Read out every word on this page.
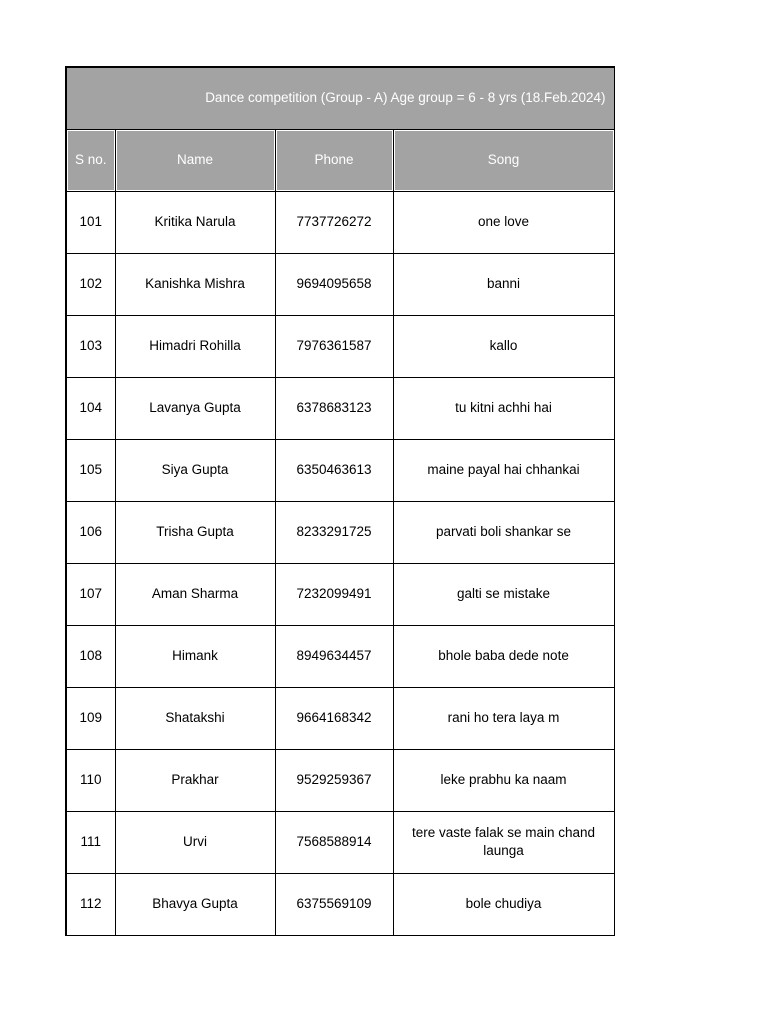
Dance competition (Group - A) Age group = 6 - 8 yrs (18.Feb.2024)			
S no.	Name	Phone	Song
101	Kritika Narula	7737726272	one love
102	Kanishka Mishra	9694095658	banni
103	Himadri Rohilla	7976361587	kallo
104	Lavanya Gupta	6378683123	tu kitni achhi hai
105	Siya Gupta	6350463613	maine payal hai chhankai
106	Trisha Gupta	8233291725	parvati boli shankar se
107	Aman Sharma	7232099491	galti se mistake
108	Himank	8949634457	bhole baba dede note
109	Shatakshi	9664168342	rani ho tera laya m
110	Prakhar	9529259367	leke prabhu ka naam
111	Urvi	7568588914	tere vaste falak se main chand launga
112	Bhavya Gupta	6375569109	bole chudiya
